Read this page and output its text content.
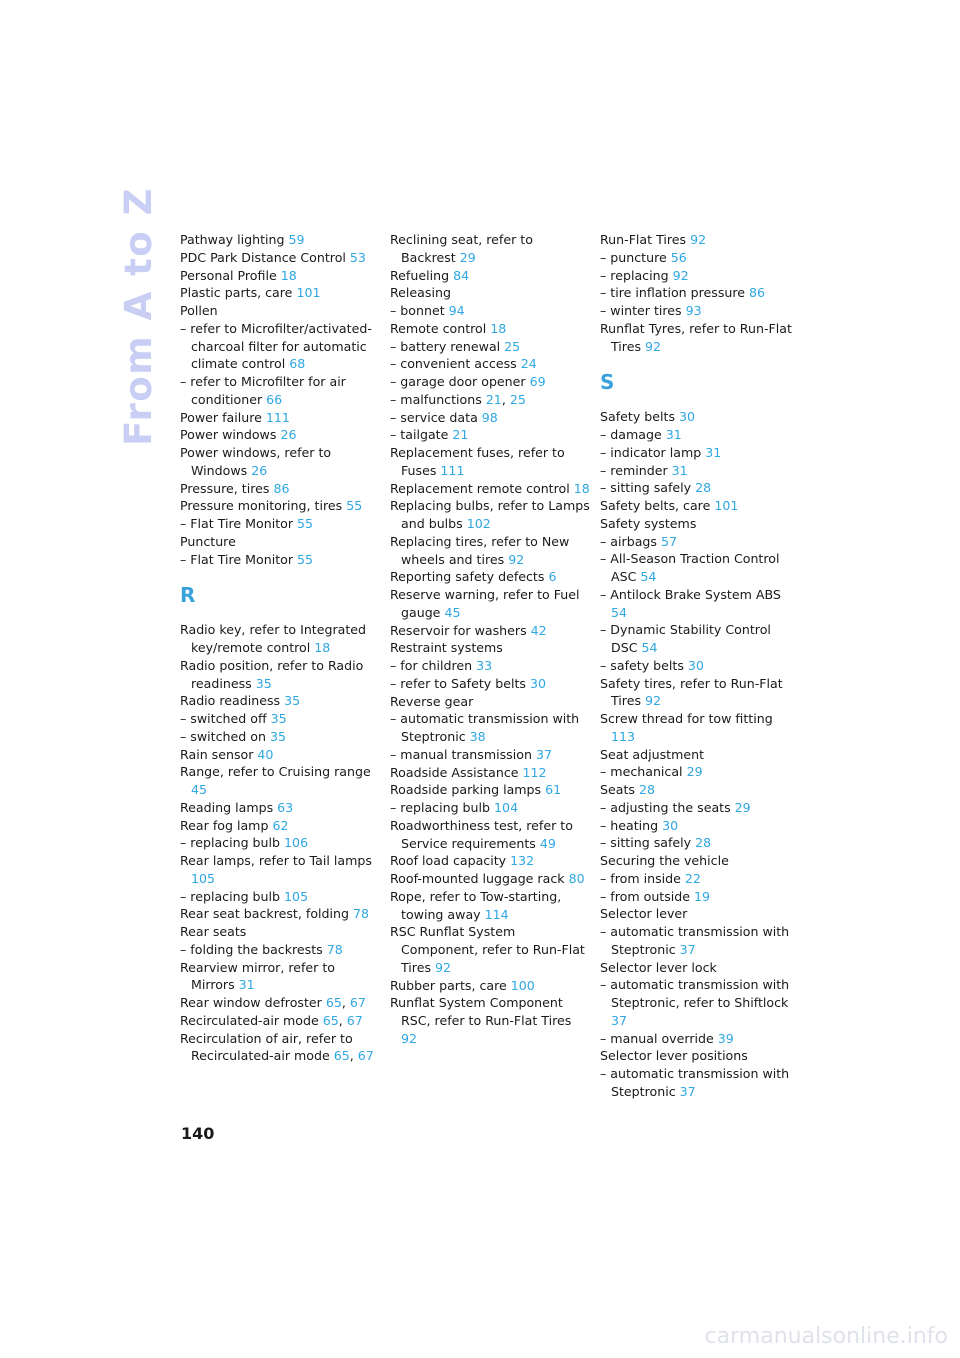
From A to Z Pathway lighting 59
PDC Park Distance Control 53
Personal Profile 18
Plastic parts, care 101
Pollen
– refer to Microfilter/activated-charcoal filter for automatic climate control 68
– refer to Microfilter for air conditioner 66
Power failure 111
Power windows 26
Power windows, refer to Windows 26
Pressure, tires 86
Pressure monitoring, tires 55
– Flat Tire Monitor 55
Puncture
– Flat Tire Monitor 55
R
Radio key, refer to Integrated key/remote control 18
Radio position, refer to Radio readiness 35
Radio readiness 35
– switched off 35
– switched on 35
Rain sensor 40
Range, refer to Cruising range 45
Reading lamps 63
Rear fog lamp 62
– replacing bulb 106
Rear lamps, refer to Tail lamps 105
– replacing bulb 105
Rear seat backrest, folding 78
Rear seats
– folding the backrests 78
Rearview mirror, refer to Mirrors 31
Rear window defroster 65, 67
Recirculated-air mode 65, 67
Recirculation of air, refer to Recirculated-air mode 65, 67
Reclining seat, refer to Backrest 29
Refueling 84
Releasing
– bonnet 94
Remote control 18
– battery renewal 25
– convenient access 24
– garage door opener 69
– malfunctions 21, 25
– service data 98
– tailgate 21
Replacement fuses, refer to Fuses 111
Replacement remote control 18
Replacing bulbs, refer to Lamps and bulbs 102
Replacing tires, refer to New wheels and tires 92
Reporting safety defects 6
Reserve warning, refer to Fuel gauge 45
Reservoir for washers 42
Restraint systems
– for children 33
– refer to Safety belts 30
Reverse gear
– automatic transmission with Steptronic 38
– manual transmission 37
Roadside Assistance 112
Roadside parking lamps 61
– replacing bulb 104
Roadworthiness test, refer to Service requirements 49
Roof load capacity 132
Roof-mounted luggage rack 80
Rope, refer to Tow-starting, towing away 114
RSC Runflat System Component, refer to Run-Flat Tires 92
Rubber parts, care 100
Runflat System Component RSC, refer to Run-Flat Tires 92
Run-Flat Tires 92
– puncture 56
– replacing 92
– tire inflation pressure 86
– winter tires 93
Runflat Tyres, refer to Run-Flat Tires 92
S
Safety belts 30
– damage 31
– indicator lamp 31
– reminder 31
– sitting safely 28
Safety belts, care 101
Safety systems
– airbags 57
– All-Season Traction Control ASC 54
– Antilock Brake System ABS 54
– Dynamic Stability Control DSC 54
– safety belts 30
Safety tires, refer to Run-Flat Tires 92
Screw thread for tow fitting 113
Seat adjustment
– mechanical 29
Seats 28
– adjusting the seats 29
– heating 30
– sitting safely 28
Securing the vehicle
– from inside 22
– from outside 19
Selector lever
– automatic transmission with Steptronic 37
Selector lever lock
– automatic transmission with Steptronic, refer to Shiftlock 37
– manual override 39
Selector lever positions
– automatic transmission with Steptronic 37
140
carmanualsonline.info
